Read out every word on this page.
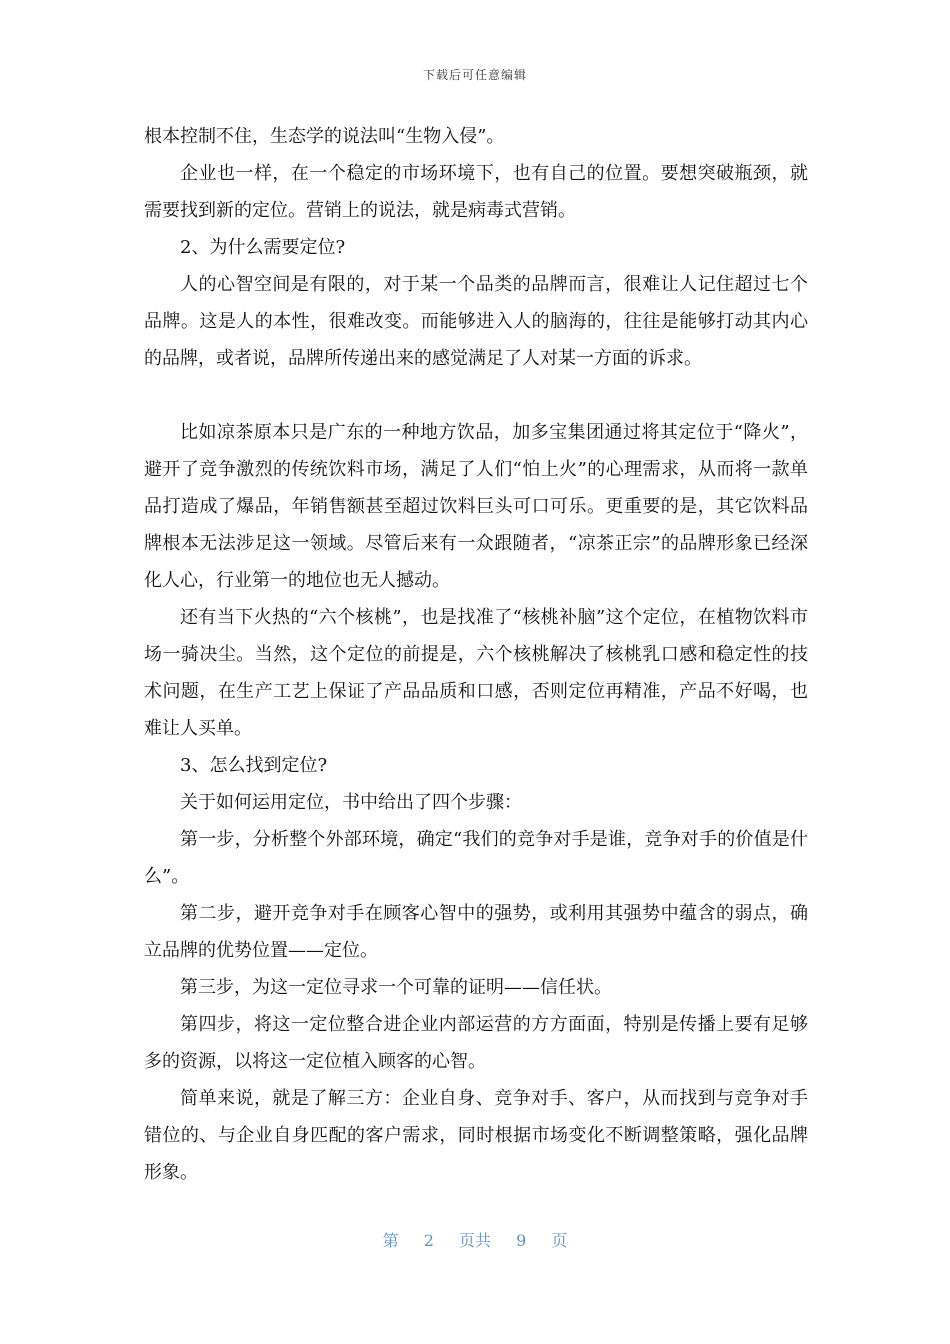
下载后可任意编辑

根本控制不住，生态学的说法叫“生物入侵”。

企业也一样，在一个稳定的市场环境下，也有自己的位置。要想突破瓶颈，就需要找到新的定位。营销上的说法，就是病毒式营销。

2、为什么需要定位?

人的心智空间是有限的，对于某一个品类的品牌而言，很难让人记住超过七个品牌。这是人的本性，很难改变。而能够进入人的脑海的，往往是能够打动其内心的品牌，或者说，品牌所传递出来的感觉满足了人对某一方面的诉求。

比如凉茶原本只是广东的一种地方饮品，加多宝集团通过将其定位于“降火”，避开了竞争激烈的传统饮料市场，满足了人们“怕上火”的心理需求，从而将一款单品打造成了爆品，年销售额甚至超过饮料巨头可口可乐。更重要的是，其它饮料品牌根本无法涉足这一领域。尽管后来有一众跟随者，“凉茶正宗”的品牌形象已经深化人心，行业第一的地位也无人撼动。

还有当下火热的“六个核桃”，也是找准了“核桃补脑”这个定位，在植物饮料市场一骑决尘。当然，这个定位的前提是，六个核桃解决了核桃乳口感和稳定性的技术问题，在生产工艺上保证了产品品质和口感，否则定位再精准，产品不好喝，也难让人买单。

3、怎么找到定位?

关于如何运用定位，书中给出了四个步骤：

第一步，分析整个外部环境，确定“我们的竞争对手是谁，竞争对手的价值是什么”。

第二步，避开竞争对手在顾客心智中的强势，或利用其强势中蕴含的弱点，确立品牌的优势位置——定位。

第三步，为这一定位寻求一个可靠的证明——信任状。

第四步，将这一定位整合进企业内部运营的方方面面，特别是传播上要有足够多的资源，以将这一定位植入顾客的心智。

简单来说，就是了解三方：企业自身、竞争对手、客户，从而找到与竞争对手错位的、与企业自身匹配的客户需求，同时根据市场变化不断调整策略，强化品牌形象。

第 2 页共 9 页
